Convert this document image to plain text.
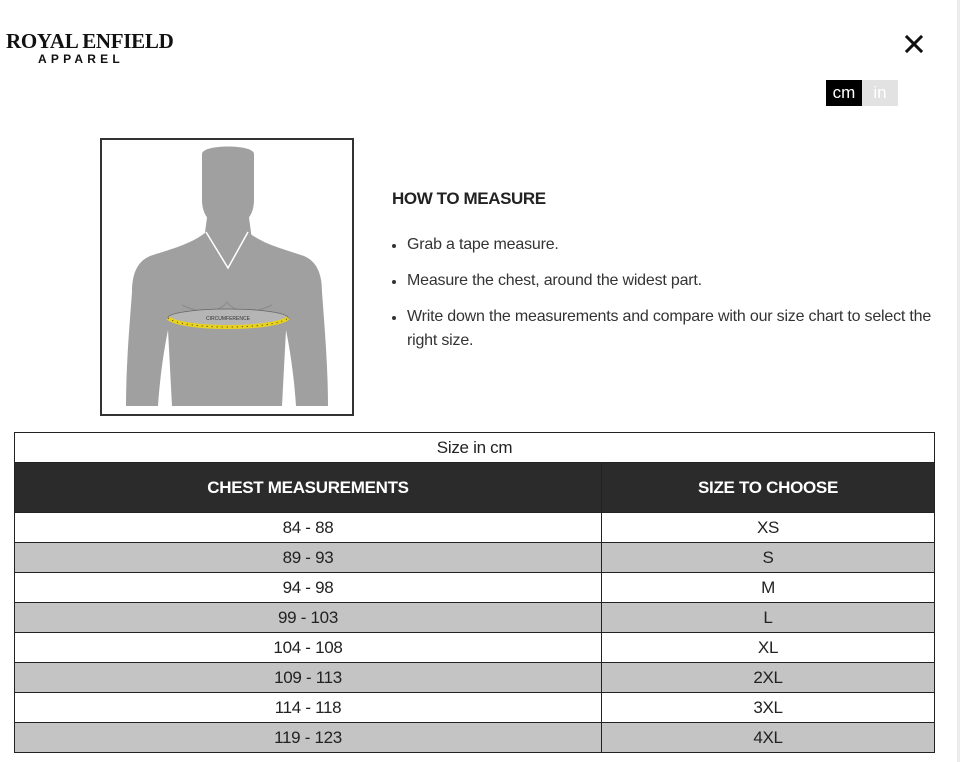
ROYAL ENFIELD
APPAREL
cm	in
CIRCUMFERENCE
HOW TO MEASURE
Grab a tape measure.
Measure the chest, around the widest part.
Write down the measurements and compare with our size chart to select the right size.
Size in cm	
CHEST MEASUREMENTS	SIZE TO CHOOSE
84 - 88	XS
89 - 93	S
94 - 98	M
99 - 103	L
104 - 108	XL
109 - 113	2XL
114 - 118	3XL
119 - 123	4XL
